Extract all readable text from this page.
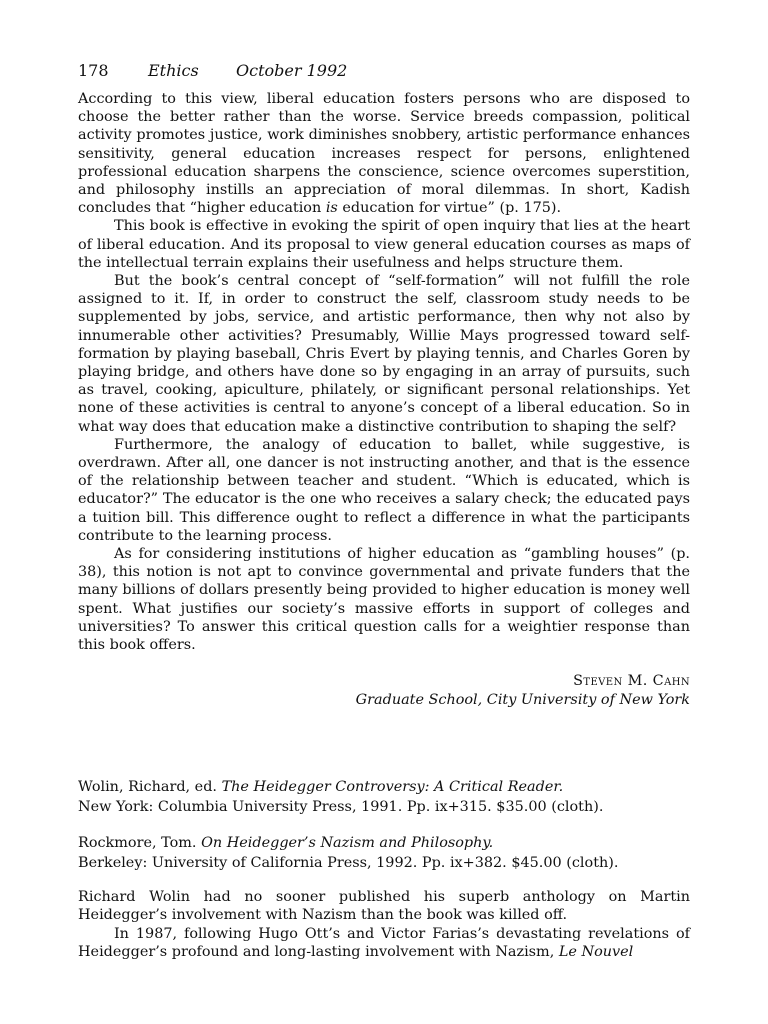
178 Ethics October 1992

According to this view, liberal education fosters persons who are disposed to choose the better rather than the worse. Service breeds compassion, political activity promotes justice, work diminishes snobbery, artistic performance enhances sensitivity, general education increases respect for persons, enlightened professional education sharpens the conscience, science overcomes superstition, and philosophy instills an appreciation of moral dilemmas. In short, Kadish concludes that “higher education is education for virtue” (p. 175).

This book is effective in evoking the spirit of open inquiry that lies at the heart of liberal education. And its proposal to view general education courses as maps of the intellectual terrain explains their usefulness and helps structure them.

But the book’s central concept of “self-formation” will not fulfill the role assigned to it. If, in order to construct the self, classroom study needs to be supplemented by jobs, service, and artistic performance, then why not also by innumerable other activities? Presumably, Willie Mays progressed toward self-formation by playing baseball, Chris Evert by playing tennis, and Charles Goren by playing bridge, and others have done so by engaging in an array of pursuits, such as travel, cooking, apiculture, philately, or significant personal relationships. Yet none of these activities is central to anyone’s concept of a liberal education. So in what way does that education make a distinctive contribution to shaping the self?

Furthermore, the analogy of education to ballet, while suggestive, is overdrawn. After all, one dancer is not instructing another, and that is the essence of the relationship between teacher and student. “Which is educated, which is educator?” The educator is the one who receives a salary check; the educated pays a tuition bill. This difference ought to reflect a difference in what the participants contribute to the learning process.

As for considering institutions of higher education as “gambling houses” (p. 38), this notion is not apt to convince governmental and private funders that the many billions of dollars presently being provided to higher education is money well spent. What justifies our society’s massive efforts in support of colleges and universities? To answer this critical question calls for a weightier response than this book offers.

Steven M. Cahn
Graduate School, City University of New York
Wolin, Richard, ed. The Heidegger Controversy: A Critical Reader.
New York: Columbia University Press, 1991. Pp. ix+315. $35.00 (cloth).
Rockmore, Tom. On Heidegger’s Nazism and Philosophy.
Berkeley: University of California Press, 1992. Pp. ix+382. $45.00 (cloth).

Richard Wolin had no sooner published his superb anthology on Martin Heidegger’s involvement with Nazism than the book was killed off.

In 1987, following Hugo Ott’s and Victor Farias’s devastating revelations of Heidegger’s profound and long-lasting involvement with Nazism, Le Nouvel
